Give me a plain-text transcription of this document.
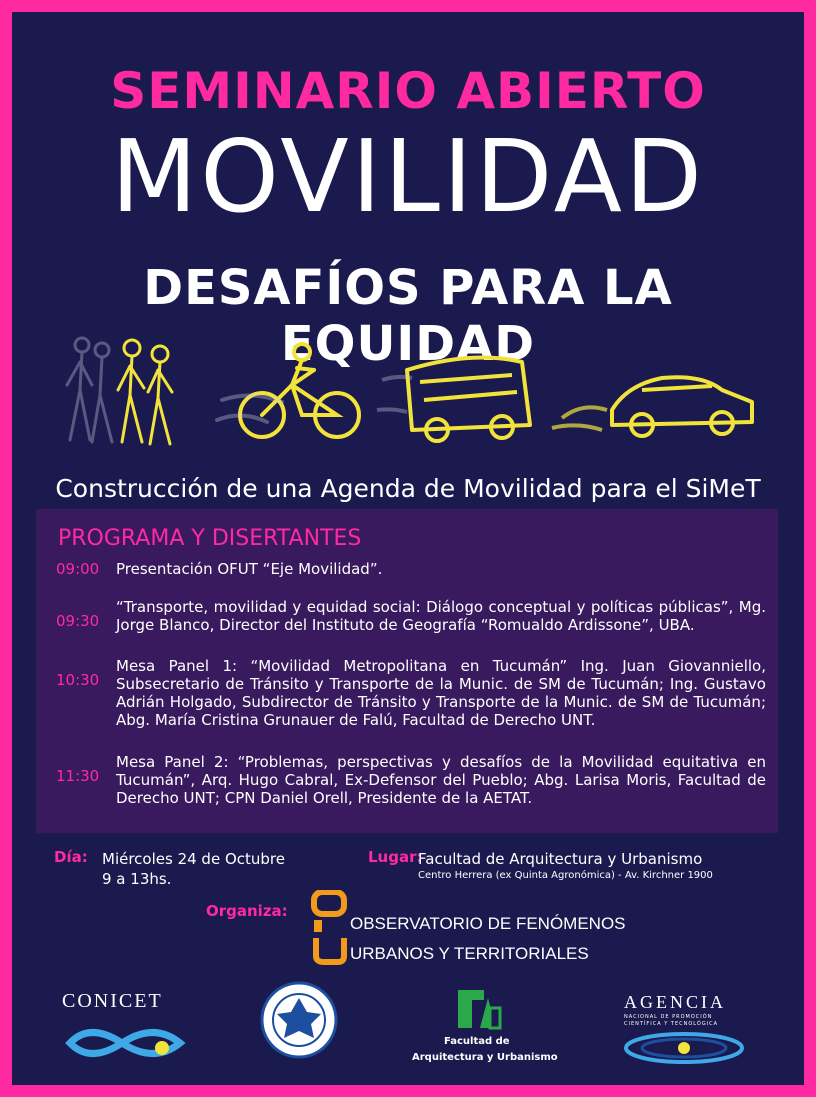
SEMINARIO ABIERTO
MOVILIDAD
DESAFÍOS PARA LA EQUIDAD
Construcción de una Agenda de Movilidad para el SiMeT
PROGRAMA Y DISERTANTES
09:00	Presentación OFUT “Eje Movilidad”.
09:30
“Transporte, movilidad y equidad social: Diálogo conceptual y políticas públicas”, Mg. Jorge Blanco, Director del Instituto de Geografía “Romualdo Ardissone”, UBA.
10:30
Mesa Panel 1: “Movilidad Metropolitana en Tucumán” Ing. Juan Giovanniello, Subsecretario de Tránsito y Transporte de la Munic. de SM de Tucumán; Ing. Gustavo Adrián Holgado, Subdirector de Tránsito y Transporte de la Munic. de SM de Tucumán; Abg. María Cristina Grunauer de Falú, Facultad de Derecho UNT.
11:30
Mesa Panel 2: “Problemas, perspectivas y desafíos de la Movilidad equitativa en Tucumán”, Arq. Hugo Cabral, Ex-Defensor del Pueblo; Abg. Larisa Moris, Facultad de Derecho UNT; CPN Daniel Orell, Presidente de la AETAT.
Día: Miércoles 24 de Octubre
9 a 13hs.
Lugar:
Facultad de Arquitectura y Urbanismo
Centro Herrera (ex Quinta Agronómica) - Av. Kirchner 1900
Organiza:
OBSERVATORIO DE FENÓMENOS
URBANOS Y TERRITORIALES
CONICET
Facultad de
Arquitectura y Urbanismo
AGENCIA
NACIONAL DE PROMOCIÓN
CIENTÍFICA Y TECNOLÓGICA
